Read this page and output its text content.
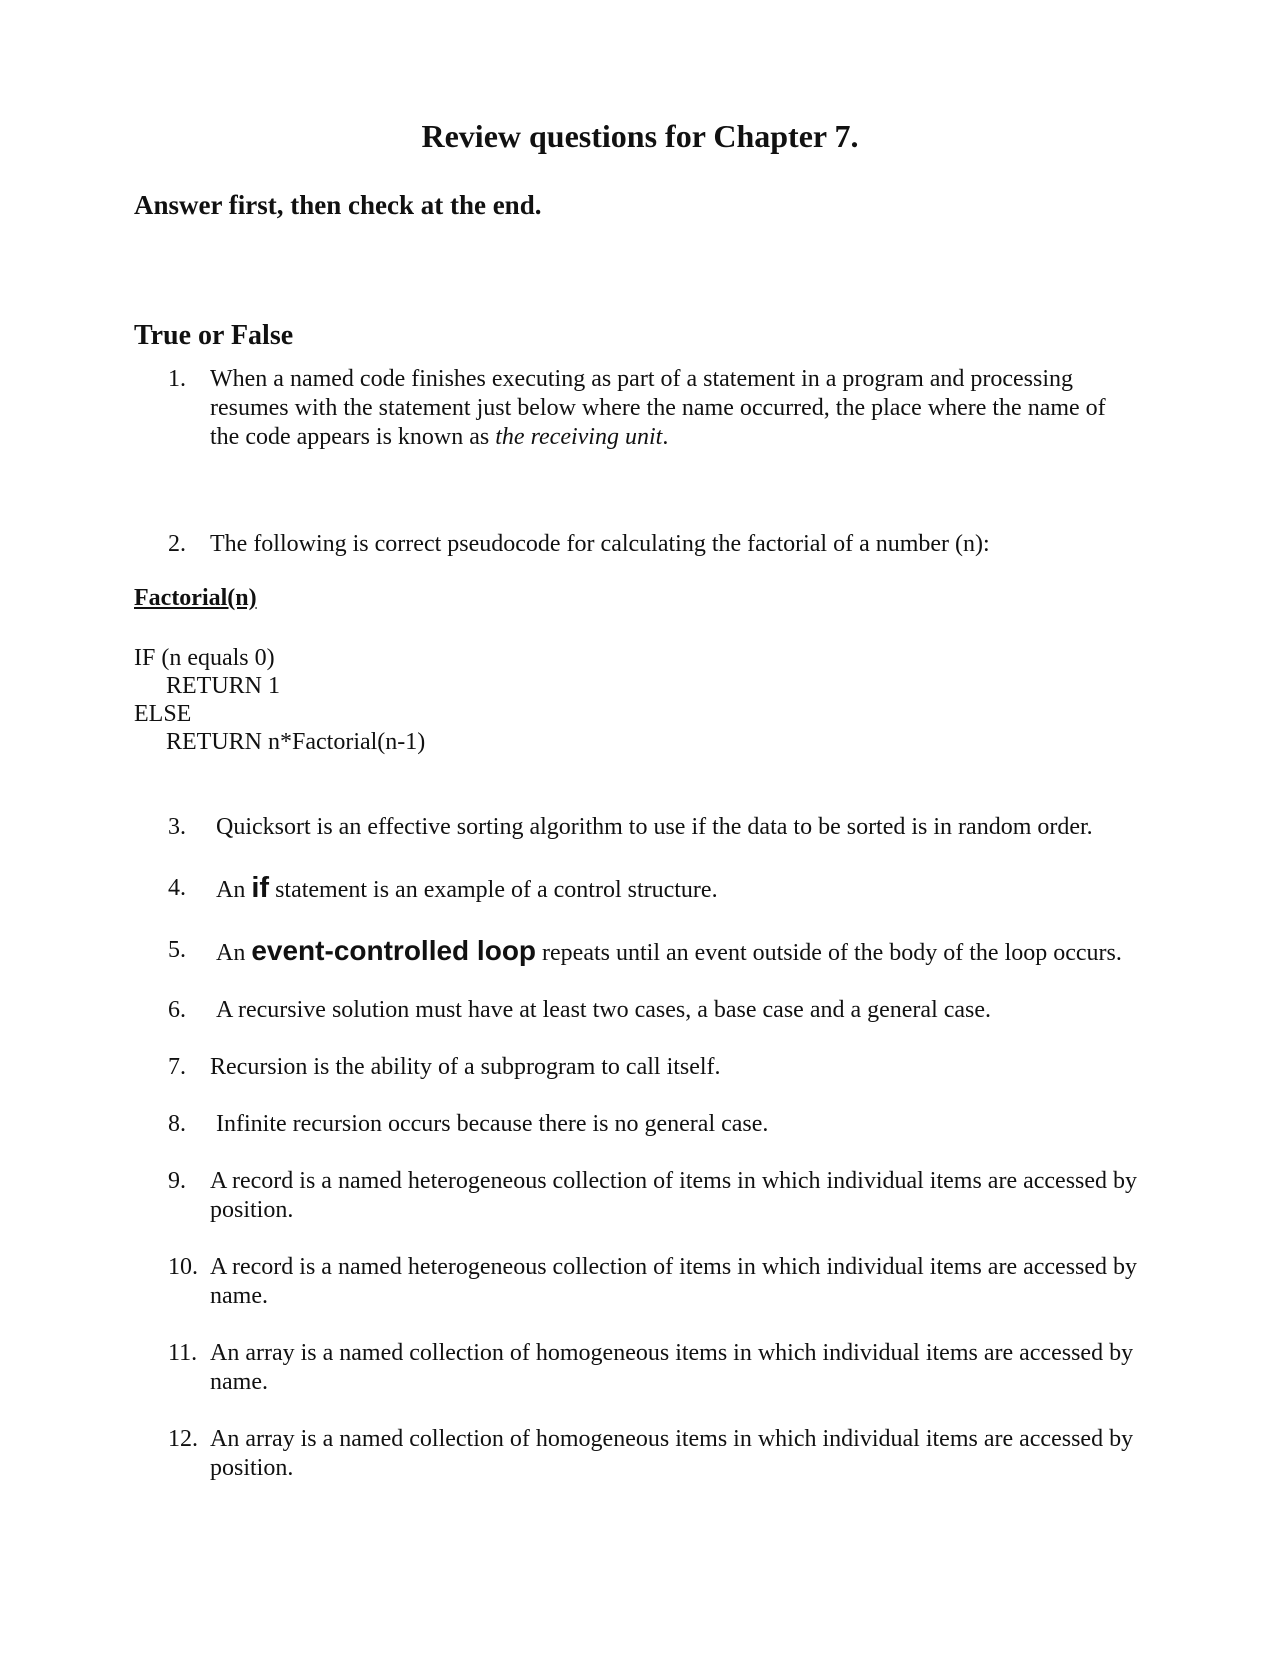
Review questions for Chapter 7.
Answer first, then check at the end.
True or False
1.	When a named code finishes executing as part of a statement in a program and processing resumes with the statement just below where the name occurred, the place where the name of the code appears is known as the receiving unit.
2.	The following is correct pseudocode for calculating the factorial of a number (n):
Factorial(n)
IF (n equals 0)
RETURN 1
ELSE
RETURN n*Factorial(n-1)
3.	Quicksort is an effective sorting algorithm to use if the data to be sorted is in random order.
4.	An if statement is an example of a control structure.
5.	An event-controlled loop repeats until an event outside of the body of the loop occurs.
6.	A recursive solution must have at least two cases, a base case and a general case.
7.	Recursion is the ability of a subprogram to call itself.
8.	Infinite recursion occurs because there is no general case.
9.	A record is a named heterogeneous collection of items in which individual items are accessed by position.
10. A record is a named heterogeneous collection of items in which individual items are accessed by name.
11. An array is a named collection of homogeneous items in which individual items are accessed by name.
12. An array is a named collection of homogeneous items in which individual items are accessed by position.
